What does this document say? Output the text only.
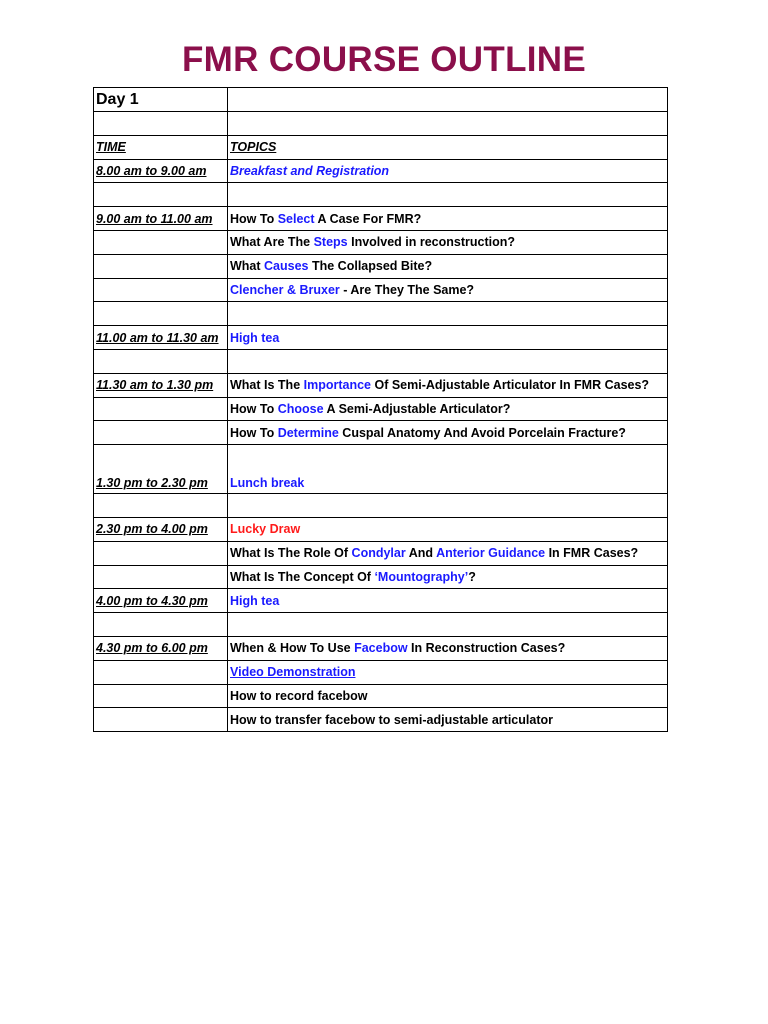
FMR COURSE OUTLINE
Day 1	

TIME	TOPICS
8.00 am to 9.00 am	Breakfast and Registration

9.00 am to 11.00 am	How To Select A Case For FMR?
	What Are The Steps Involved in reconstruction?
	What Causes The Collapsed Bite?
	Clencher & Bruxer - Are They The Same?

11.00 am to 11.30 am	High tea

11.30 am to 1.30 pm	What Is The Importance Of Semi-Adjustable Articulator In FMR Cases?
	How To Choose A Semi-Adjustable Articulator?
	How To Determine Cuspal Anatomy And Avoid Porcelain Fracture?
1.30 pm to 2.30 pm	Lunch break

2.30 pm to 4.00 pm	Lucky Draw
	What Is The Role Of Condylar And Anterior Guidance In FMR Cases?
	What Is The Concept Of ‘Mountography’?
4.00 pm to 4.30 pm	High tea

4.30 pm to 6.00 pm	When & How To Use Facebow In Reconstruction Cases?
	Video Demonstration
	How to record facebow
	How to transfer facebow to semi-adjustable articulator
